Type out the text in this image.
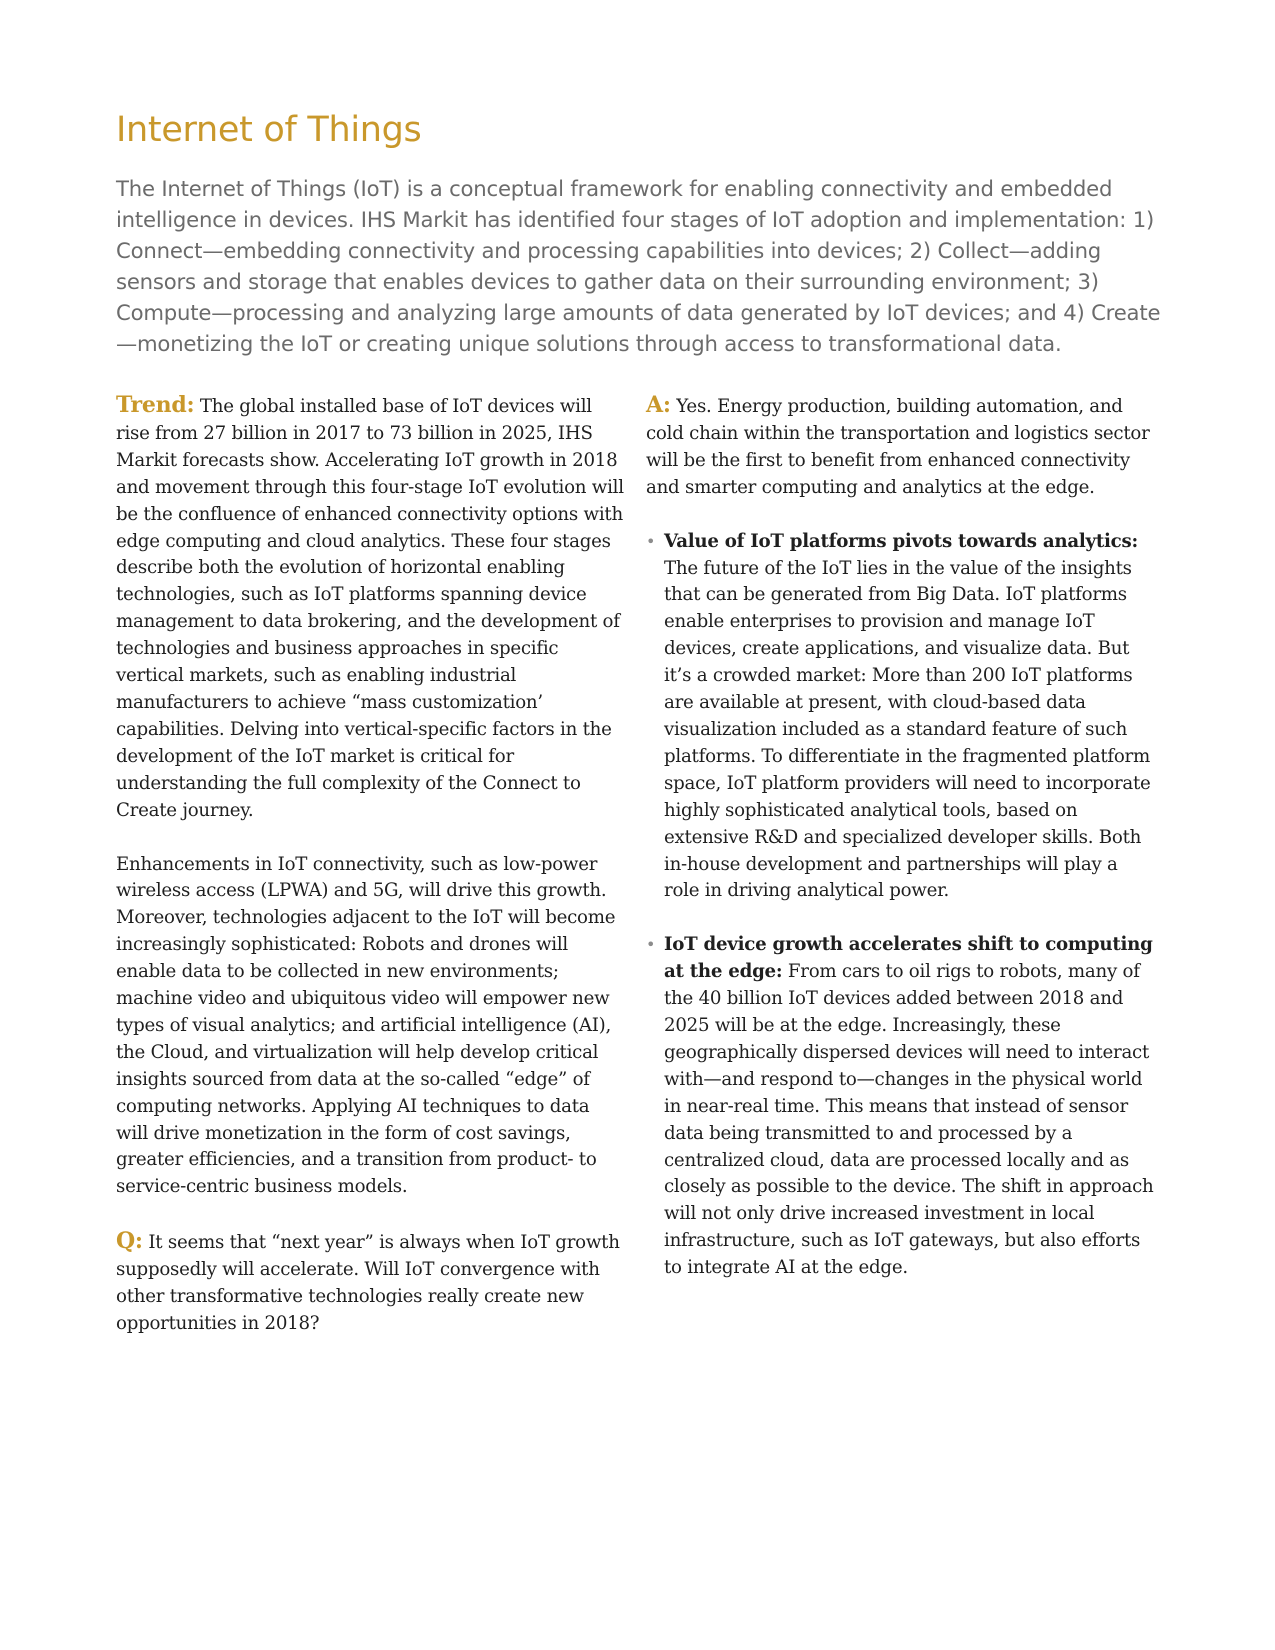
Internet of Things

The Internet of Things (IoT) is a conceptual framework for enabling connectivity and embedded intelligence in devices. IHS Markit has identified four stages of IoT adoption and implementation: 1) Connect—embedding connectivity and processing capabilities into devices; 2) Collect—adding sensors and storage that enables devices to gather data on their surrounding environment; 3) Compute—processing and analyzing large amounts of data generated by IoT devices; and 4) Create—monetizing the IoT or creating unique solutions through access to transformational data.

Trend: The global installed base of IoT devices will rise from 27 billion in 2017 to 73 billion in 2025, IHS Markit forecasts show. Accelerating IoT growth in 2018 and movement through this four-stage IoT evolution will be the confluence of enhanced connectivity options with edge computing and cloud analytics. These four stages describe both the evolution of horizontal enabling technologies, such as IoT platforms spanning device management to data brokering, and the development of technologies and business approaches in specific vertical markets, such as enabling industrial manufacturers to achieve “mass customization’ capabilities. Delving into vertical-specific factors in the development of the IoT market is critical for understanding the full complexity of the Connect to Create journey.

Enhancements in IoT connectivity, such as low-power wireless access (LPWA) and 5G, will drive this growth. Moreover, technologies adjacent to the IoT will become increasingly sophisticated: Robots and drones will enable data to be collected in new environments; machine video and ubiquitous video will empower new types of visual analytics; and artificial intelligence (AI), the Cloud, and virtualization will help develop critical insights sourced from data at the so-called “edge” of computing networks. Applying AI techniques to data will drive monetization in the form of cost savings, greater efficiencies, and a transition from product- to service-centric business models.

Q: It seems that “next year” is always when IoT growth supposedly will accelerate. Will IoT convergence with other transformative technologies really create new opportunities in 2018?

A: Yes. Energy production, building automation, and cold chain within the transportation and logistics sector will be the first to benefit from enhanced connectivity and smarter computing and analytics at the edge.

• Value of IoT platforms pivots towards analytics: The future of the IoT lies in the value of the insights that can be generated from Big Data. IoT platforms enable enterprises to provision and manage IoT devices, create applications, and visualize data. But it’s a crowded market: More than 200 IoT platforms are available at present, with cloud-based data visualization included as a standard feature of such platforms. To differentiate in the fragmented platform space, IoT platform providers will need to incorporate highly sophisticated analytical tools, based on extensive R&D and specialized developer skills. Both in-house development and partnerships will play a role in driving analytical power.
• IoT device growth accelerates shift to computing at the edge: From cars to oil rigs to robots, many of the 40 billion IoT devices added between 2018 and 2025 will be at the edge. Increasingly, these geographically dispersed devices will need to interact with—and respond to—changes in the physical world in near-real time. This means that instead of sensor data being transmitted to and processed by a centralized cloud, data are processed locally and as closely as possible to the device. The shift in approach will not only drive increased investment in local infrastructure, such as IoT gateways, but also efforts to integrate AI at the edge.
